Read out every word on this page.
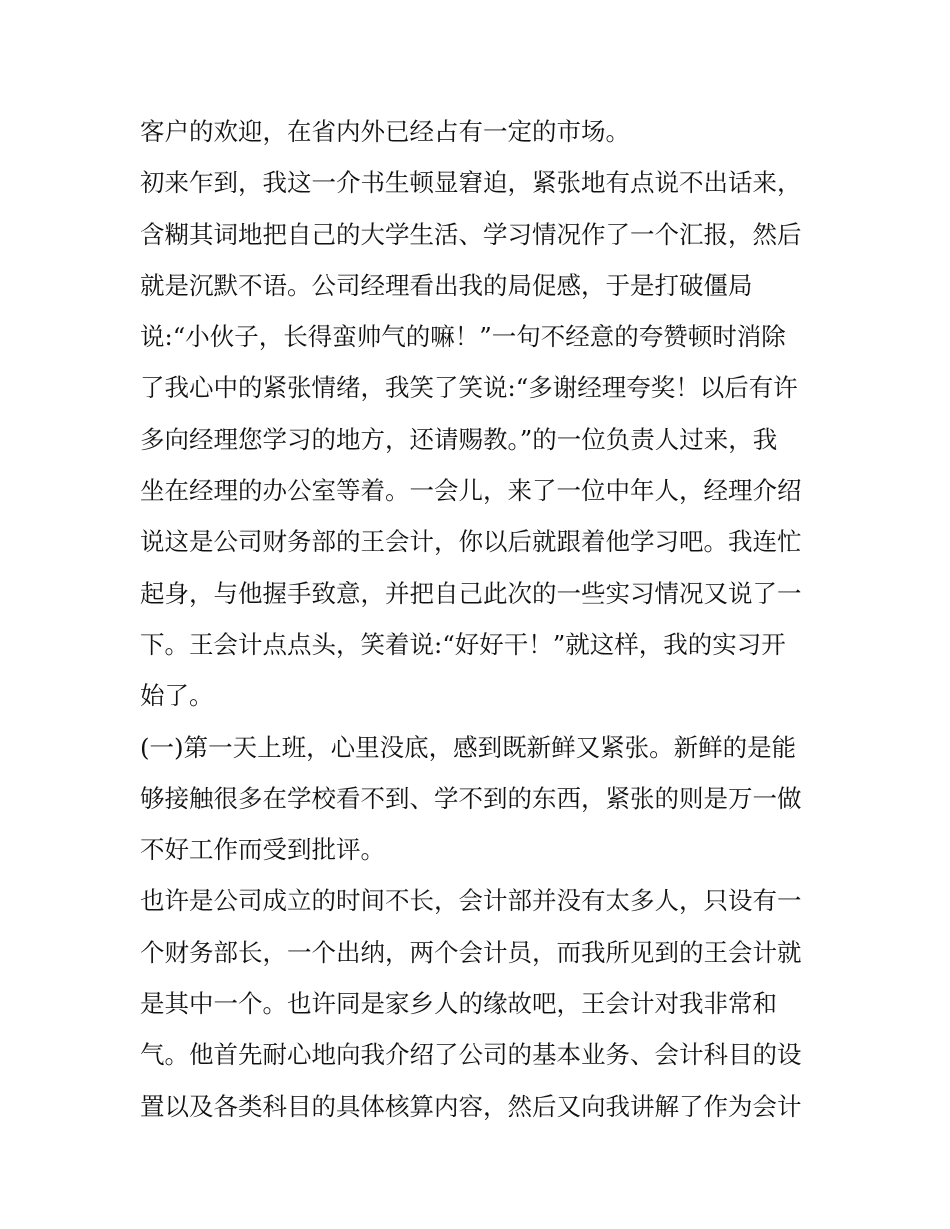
客户的欢迎，在省内外已经占有一定的市场。
初来乍到，我这一介书生顿显窘迫，紧张地有点说不出话来，
含糊其词地把自己的大学生活、学习情况作了一个汇报，然后
就是沉默不语。公司经理看出我的局促感，于是打破僵局
说:“小伙子，长得蛮帅气的嘛！”一句不经意的夸赞顿时消除
了我心中的紧张情绪，我笑了笑说:“多谢经理夸奖！以后有许
多向经理您学习的地方，还请赐教。”的一位负责人过来，我
坐在经理的办公室等着。一会儿，来了一位中年人，经理介绍
说这是公司财务部的王会计，你以后就跟着他学习吧。我连忙
起身，与他握手致意，并把自己此次的一些实习情况又说了一
下。王会计点点头，笑着说:“好好干！”就这样，我的实习开
始了。
(一)第一天上班，心里没底，感到既新鲜又紧张。新鲜的是能
够接触很多在学校看不到、学不到的东西，紧张的则是万一做
不好工作而受到批评。
也许是公司成立的时间不长，会计部并没有太多人，只设有一
个财务部长，一个出纳，两个会计员，而我所见到的王会计就
是其中一个。也许同是家乡人的缘故吧，王会计对我非常和
气。他首先耐心地向我介绍了公司的基本业务、会计科目的设
置以及各类科目的具体核算内容，然后又向我讲解了作为会计
